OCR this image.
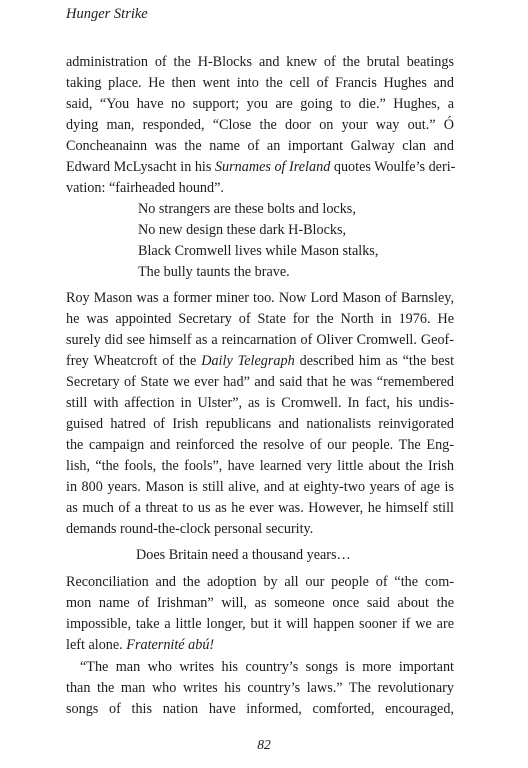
Hunger Strike
administration of the H-Blocks and knew of the brutal beatings
taking place. He then went into the cell of Francis Hughes and
said, “You have no support; you are going to die.” Hughes, a
dying man, responded, “Close the door on your way out.” Ó
Concheanainn was the name of an important Galway clan and
Edward McLysacht in his Surnames of Ireland quotes Woulfe’s deri-
vation: “fairheaded hound”.
No strangers are these bolts and locks,
No new design these dark H-Blocks,
Black Cromwell lives while Mason stalks,
The bully taunts the brave.
Roy Mason was a former miner too. Now Lord Mason of Barnsley,
he was appointed Secretary of State for the North in 1976. He
surely did see himself as a reincarnation of Oliver Cromwell. Geof-
frey Wheatcroft of the Daily Telegraph described him as “the best
Secretary of State we ever had” and said that he was “remembered
still with affection in Ulster”, as is Cromwell. In fact, his undis-
guised hatred of Irish republicans and nationalists reinvigorated
the campaign and reinforced the resolve of our people. The Eng-
lish, “the fools, the fools”, have learned very little about the Irish
in 800 years. Mason is still alive, and at eighty-two years of age is
as much of a threat to us as he ever was. However, he himself still
demands round-the-clock personal security.
Does Britain need a thousand years…
Reconciliation and the adoption by all our people of “the com-
mon name of Irishman” will, as someone once said about the
impossible, take a little longer, but it will happen sooner if we are
left alone. Fraternité abú!
“The man who writes his country’s songs is more important
than the man who writes his country’s laws.” The revolutionary
songs of this nation have informed, comforted, encouraged,
82
